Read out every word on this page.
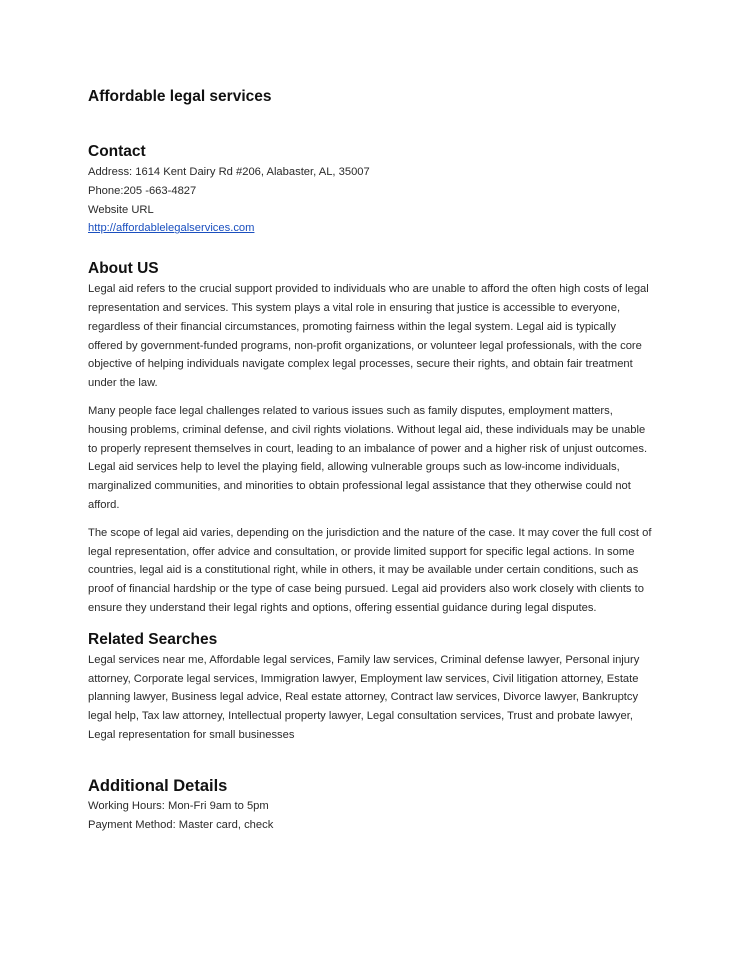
Affordable legal services
Contact

Address: 1614 Kent Dairy Rd #206, Alabaster, AL, 35007

Phone:205 -663-4827

Website URL

http://affordablelegalservices.com

About US

Legal aid refers to the crucial support provided to individuals who are unable to afford the often high costs of legal representation and services. This system plays a vital role in ensuring that justice is accessible to everyone, regardless of their financial circumstances, promoting fairness within the legal system. Legal aid is typically offered by government-funded programs, non-profit organizations, or volunteer legal professionals, with the core objective of helping individuals navigate complex legal processes, secure their rights, and obtain fair treatment under the law.

Many people face legal challenges related to various issues such as family disputes, employment matters, housing problems, criminal defense, and civil rights violations. Without legal aid, these individuals may be unable to properly represent themselves in court, leading to an imbalance of power and a higher risk of unjust outcomes. Legal aid services help to level the playing field, allowing vulnerable groups such as low-income individuals, marginalized communities, and minorities to obtain professional legal assistance that they otherwise could not afford.

The scope of legal aid varies, depending on the jurisdiction and the nature of the case. It may cover the full cost of legal representation, offer advice and consultation, or provide limited support for specific legal actions. In some countries, legal aid is a constitutional right, while in others, it may be available under certain conditions, such as proof of financial hardship or the type of case being pursued. Legal aid providers also work closely with clients to ensure they understand their legal rights and options, offering essential guidance during legal disputes.

Related Searches

Legal services near me, Affordable legal services, Family law services, Criminal defense lawyer, Personal injury attorney, Corporate legal services, Immigration lawyer, Employment law services, Civil litigation attorney, Estate planning lawyer, Business legal advice, Real estate attorney, Contract law services, Divorce lawyer, Bankruptcy legal help, Tax law attorney, Intellectual property lawyer, Legal consultation services, Trust and probate lawyer, Legal representation for small businesses

Additional Details

Working Hours: Mon-Fri 9am to 5pm

Payment Method: Master card, check
